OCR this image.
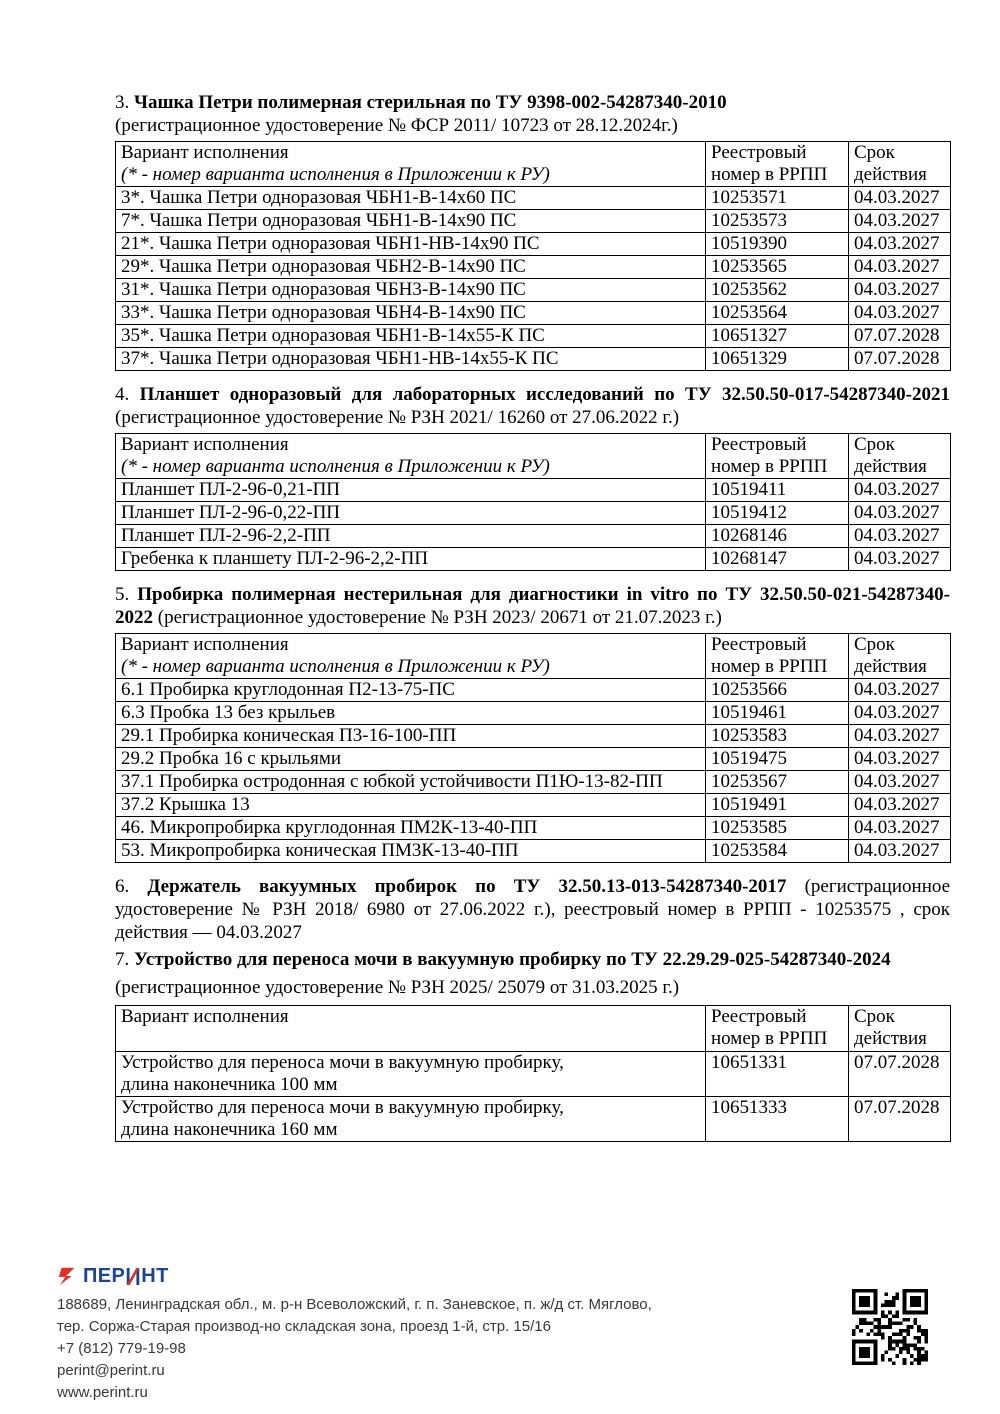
3. Чашка Петри полимерная стерильная по ТУ 9398-002-54287340-2010

(регистрационное удостоверение № ФСР 2011/ 10723 от 28.12.2024г.)

Вариант исполнения
(* - номер варианта исполнения в Приложении к РУ)	Реестровый номер в РРПП	Срок действия
3*. Чашка Петри одноразовая ЧБН1-В-14х60 ПС	10253571	04.03.2027
7*. Чашка Петри одноразовая ЧБН1-В-14х90 ПС	10253573	04.03.2027
21*. Чашка Петри одноразовая ЧБН1-НВ-14х90 ПС	10519390	04.03.2027
29*. Чашка Петри одноразовая ЧБН2-В-14х90 ПС	10253565	04.03.2027
31*. Чашка Петри одноразовая ЧБН3-В-14х90 ПС	10253562	04.03.2027
33*. Чашка Петри одноразовая ЧБН4-В-14х90 ПС	10253564	04.03.2027
35*. Чашка Петри одноразовая ЧБН1-В-14х55-К ПС	10651327	07.07.2028
37*. Чашка Петри одноразовая ЧБН1-НВ-14х55-К ПС	10651329	07.07.2028

4. Планшет одноразовый для лабораторных исследований по ТУ 32.50.50-017-54287340-2021 (регистрационное удостоверение № РЗН 2021/ 16260 от 27.06.2022 г.)

Вариант исполнения
(* - номер варианта исполнения в Приложении к РУ)	Реестровый номер в РРПП	Срок действия
Планшет ПЛ-2-96-0,21-ПП	10519411	04.03.2027
Планшет ПЛ-2-96-0,22-ПП	10519412	04.03.2027
Планшет ПЛ-2-96-2,2-ПП	10268146	04.03.2027
Гребенка к планшету ПЛ-2-96-2,2-ПП	10268147	04.03.2027

5. Пробирка полимерная нестерильная для диагностики in vitro по ТУ 32.50.50-021-54287340-2022 (регистрационное удостоверение № РЗН 2023/ 20671 от 21.07.2023 г.)

Вариант исполнения
(* - номер варианта исполнения в Приложении к РУ)	Реестровый номер в РРПП	Срок действия
6.1 Пробирка круглодонная П2-13-75-ПС	10253566	04.03.2027
6.3 Пробка 13 без крыльев	10519461	04.03.2027
29.1 Пробирка коническая П3-16-100-ПП	10253583	04.03.2027
29.2 Пробка 16 с крыльями	10519475	04.03.2027
37.1 Пробирка остродонная с юбкой устойчивости П1Ю-13-82-ПП	10253567	04.03.2027
37.2 Крышка 13	10519491	04.03.2027
46. Микропробирка круглодонная ПМ2К-13-40-ПП	10253585	04.03.2027
53. Микропробирка коническая ПМ3К-13-40-ПП	10253584	04.03.2027

6. Держатель вакуумных пробирок по ТУ 32.50.13-013-54287340-2017 (регистрационное удостоверение № РЗН 2018/ 6980 от 27.06.2022 г.), реестровый номер в РРПП - 10253575 , срок действия — 04.03.2027

7. Устройство для переноса мочи в вакуумную пробирку по ТУ 22.29.29-025-54287340-2024

(регистрационное удостоверение № РЗН 2025/ 25079 от 31.03.2025 г.)

Вариант исполнения	Реестровый номер в РРПП	Срок действия

Устройство для переноса мочи в вакуумную пробирку,
длина наконечника 100 мм	10651331	07.07.2028

Устройство для переноса мочи в вакуумную пробирку,
длина наконечника 160 мм	10651333	07.07.2028
ПЕР НТ
188689, Ленинградская обл., м. р-н Всеволожский, г. п. Заневское, п. ж/д ст. Мяглово,
тер. Соржа-Старая производ-но складская зона, проезд 1-й, стр. 15/16
+7 (812) 779-19-98
perint@perint.ru
www.perint.ru
